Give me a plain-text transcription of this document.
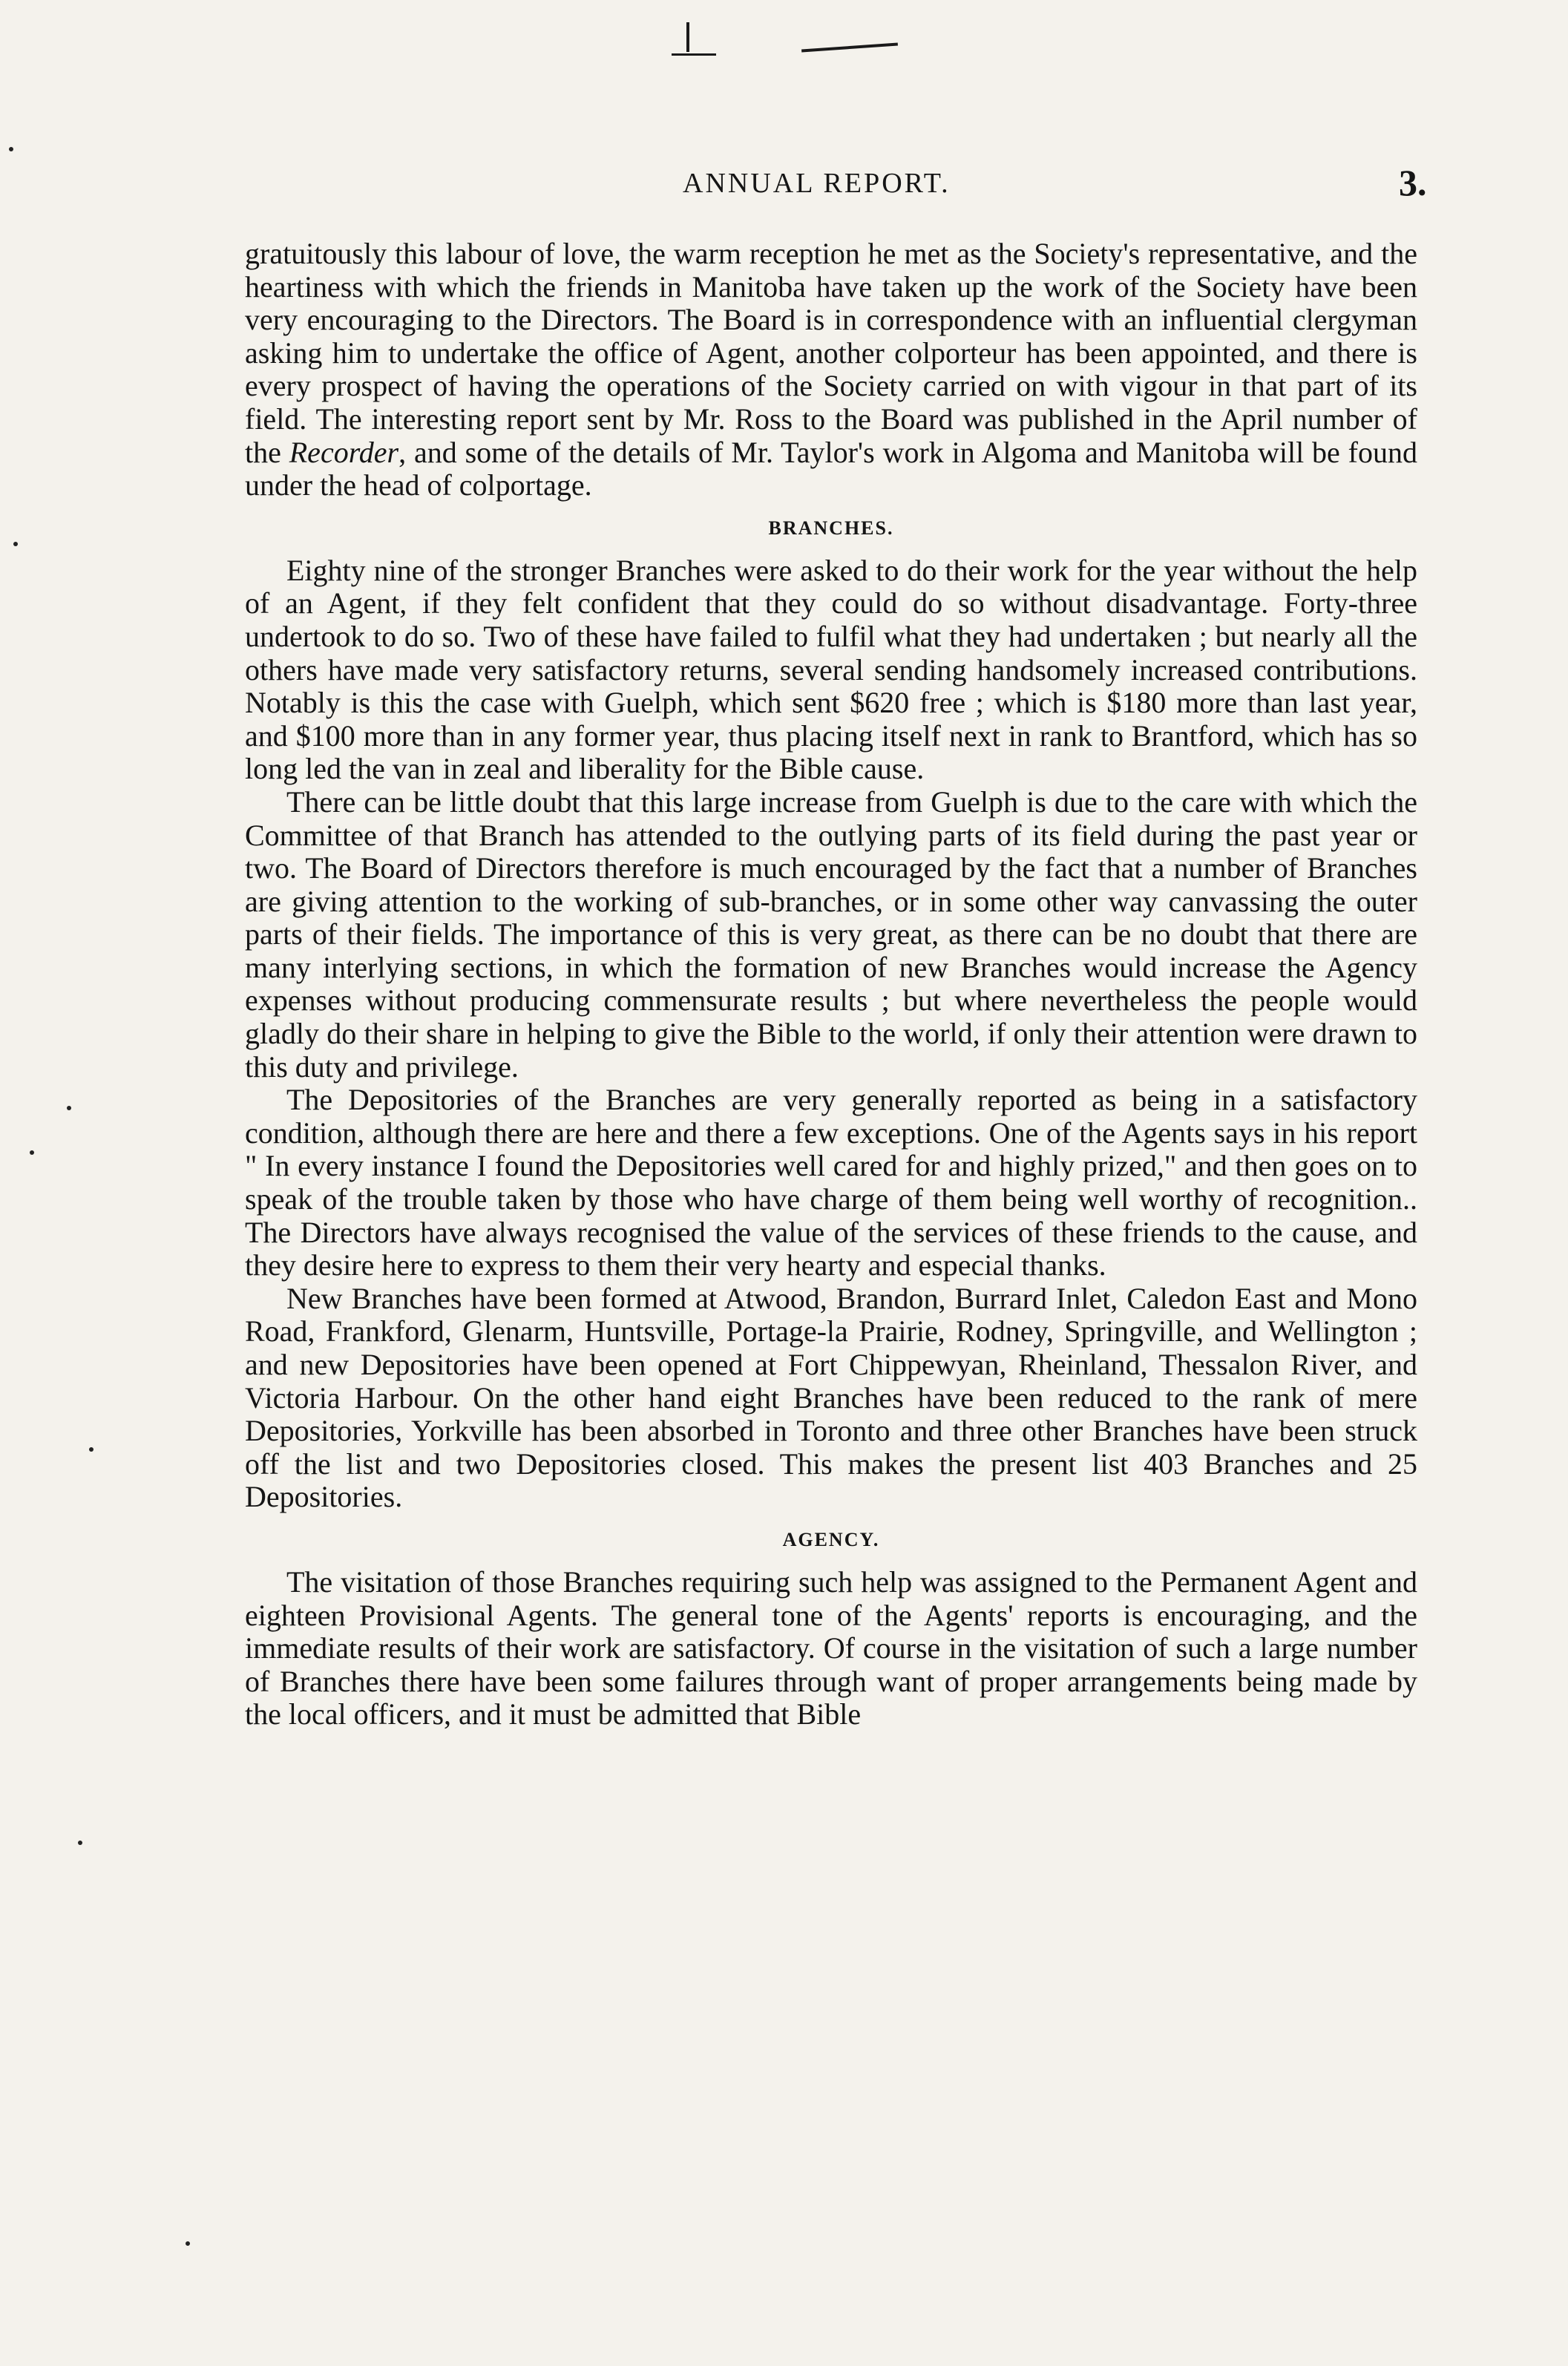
ANNUAL REPORT.	3.

gratuitously this labour of love, the warm reception he met as the Society's representative, and the heartiness with which the friends in Manitoba have taken up the work of the Society have been very encouraging to the Directors. The Board is in correspondence with an influential clergyman asking him to undertake the office of Agent, another colporteur has been appointed, and there is every prospect of having the operations of the Society carried on with vigour in that part of its field. The interesting report sent by Mr. Ross to the Board was published in the April number of the Recorder, and some of the details of Mr. Taylor's work in Algoma and Manitoba will be found under the head of colportage.

BRANCHES.

Eighty nine of the stronger Branches were asked to do their work for the year without the help of an Agent, if they felt confident that they could do so without disadvantage. Forty-three undertook to do so. Two of these have failed to fulfil what they had undertaken ; but nearly all the others have made very satisfactory returns, several sending handsomely increased contributions. Notably is this the case with Guelph, which sent $620 free ; which is $180 more than last year, and $100 more than in any former year, thus placing itself next in rank to Brantford, which has so long led the van in zeal and liberality for the Bible cause.

There can be little doubt that this large increase from Guelph is due to the care with which the Committee of that Branch has attended to the outlying parts of its field during the past year or two. The Board of Directors therefore is much encouraged by the fact that a number of Branches are giving attention to the working of sub-branches, or in some other way canvassing the outer parts of their fields. The importance of this is very great, as there can be no doubt that there are many interlying sections, in which the formation of new Branches would increase the Agency expenses without producing commensurate results ; but where nevertheless the people would gladly do their share in helping to give the Bible to the world, if only their attention were drawn to this duty and privilege.

The Depositories of the Branches are very generally reported as being in a satisfactory condition, although there are here and there a few exceptions. One of the Agents says in his report " In every instance I found the Depositories well cared for and highly prized," and then goes on to speak of the trouble taken by those who have charge of them being well worthy of recognition.. The Directors have always recognised the value of the services of these friends to the cause, and they desire here to express to them their very hearty and especial thanks.

New Branches have been formed at Atwood, Brandon, Burrard Inlet, Caledon East and Mono Road, Frankford, Glenarm, Huntsville, Portage-la Prairie, Rodney, Springville, and Wellington ; and new Depositories have been opened at Fort Chippewyan, Rheinland, Thessalon River, and Victoria Harbour. On the other hand eight Branches have been reduced to the rank of mere Depositories, Yorkville has been absorbed in Toronto and three other Branches have been struck off the list and two Depositories closed. This makes the present list 403 Branches and 25 Depositories.

AGENCY.

The visitation of those Branches requiring such help was assigned to the Permanent Agent and eighteen Provisional Agents. The general tone of the Agents' reports is encouraging, and the immediate results of their work are satisfactory. Of course in the visitation of such a large number of Branches there have been some failures through want of proper arrangements being made by the local officers, and it must be admitted that Bible
